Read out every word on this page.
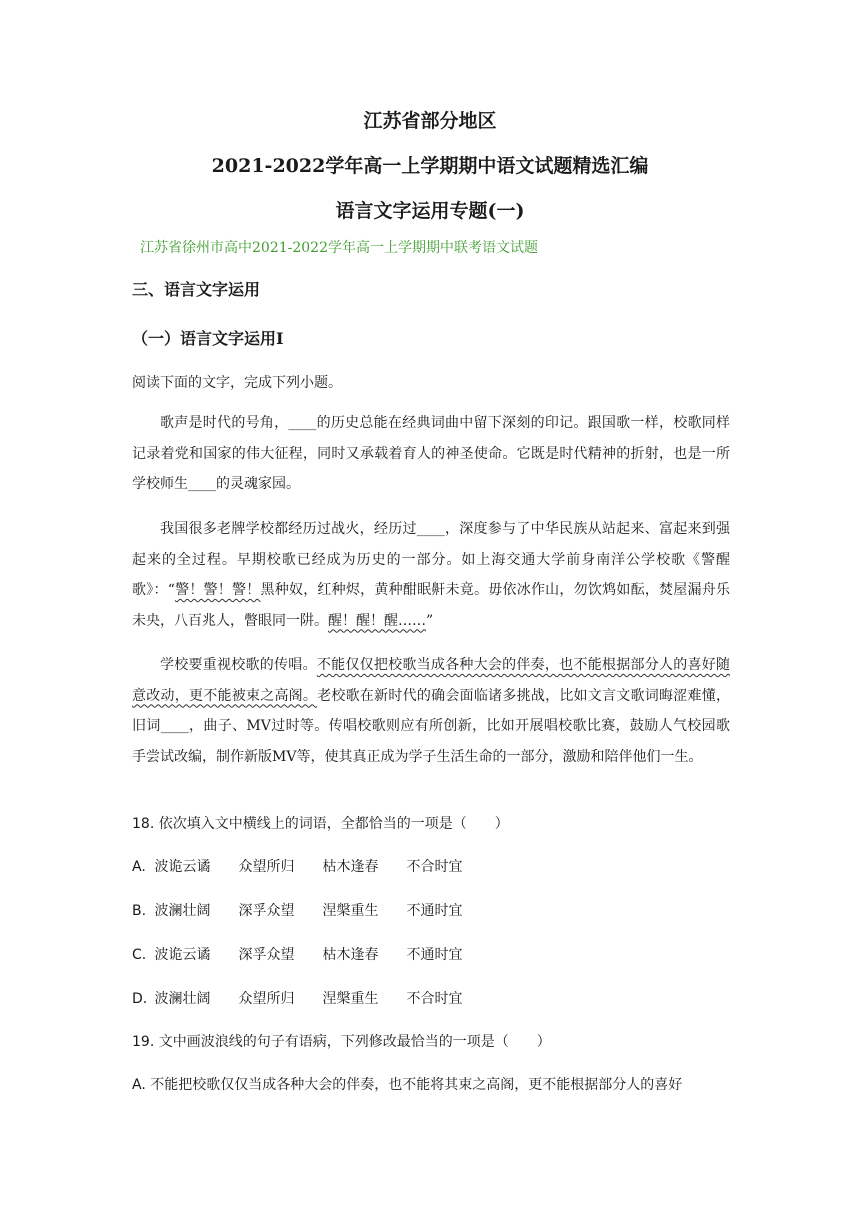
江苏省部分地区
2021-2022学年高一上学期期中语文试题精选汇编
语言文字运用专题(一)

江苏省徐州市高中2021-2022学年高一上学期期中联考语文试题

三、语言文字运用
（一）语言文字运用Ⅰ

阅读下面的文字，完成下列小题。

歌声是时代的号角，____的历史总能在经典词曲中留下深刻的印记。跟国歌一样，校歌同样记录着党和国家的伟大征程，同时又承载着育人的神圣使命。它既是时代精神的折射，也是一所学校师生____的灵魂家园。

我国很多老牌学校都经历过战火，经历过____，深度参与了中华民族从站起来、富起来到强起来的全过程。早期校歌已经成为历史的一部分。如上海交通大学前身南洋公学校歌《警醒歌》：“警！警！警！黑种奴，红种烬，黄种酣眠鼾未竟。毋依冰作山，勿饮鸩如酝，焚屋漏舟乐未央，八百兆人，瞥眼同一阱。醒！醒！醒……”

学校要重视校歌的传唱。不能仅仅把校歌当成各种大会的伴奏，也不能根据部分人的喜好随意改动，更不能被束之高阁。老校歌在新时代的确会面临诸多挑战，比如文言文歌词晦涩难懂，旧词____，曲子、MV过时等。传唱校歌则应有所创新，比如开展唱校歌比赛，鼓励人气校园歌手尝试改编，制作新版MV等，使其真正成为学子生活生命的一部分，激励和陪伴他们一生。

18. 依次填入文中横线上的词语，全都恰当的一项是（　　）

A. 波诡云谲 众望所归 枯木逢春 不合时宜

B. 波澜壮阔 深孚众望 涅槃重生 不通时宜

C. 波诡云谲 深孚众望 枯木逢春 不通时宜

D. 波澜壮阔 众望所归 涅槃重生 不合时宜

19. 文中画波浪线的句子有语病，下列修改最恰当的一项是（　　）

A. 不能把校歌仅仅当成各种大会的伴奏，也不能将其束之高阁，更不能根据部分人的喜好
